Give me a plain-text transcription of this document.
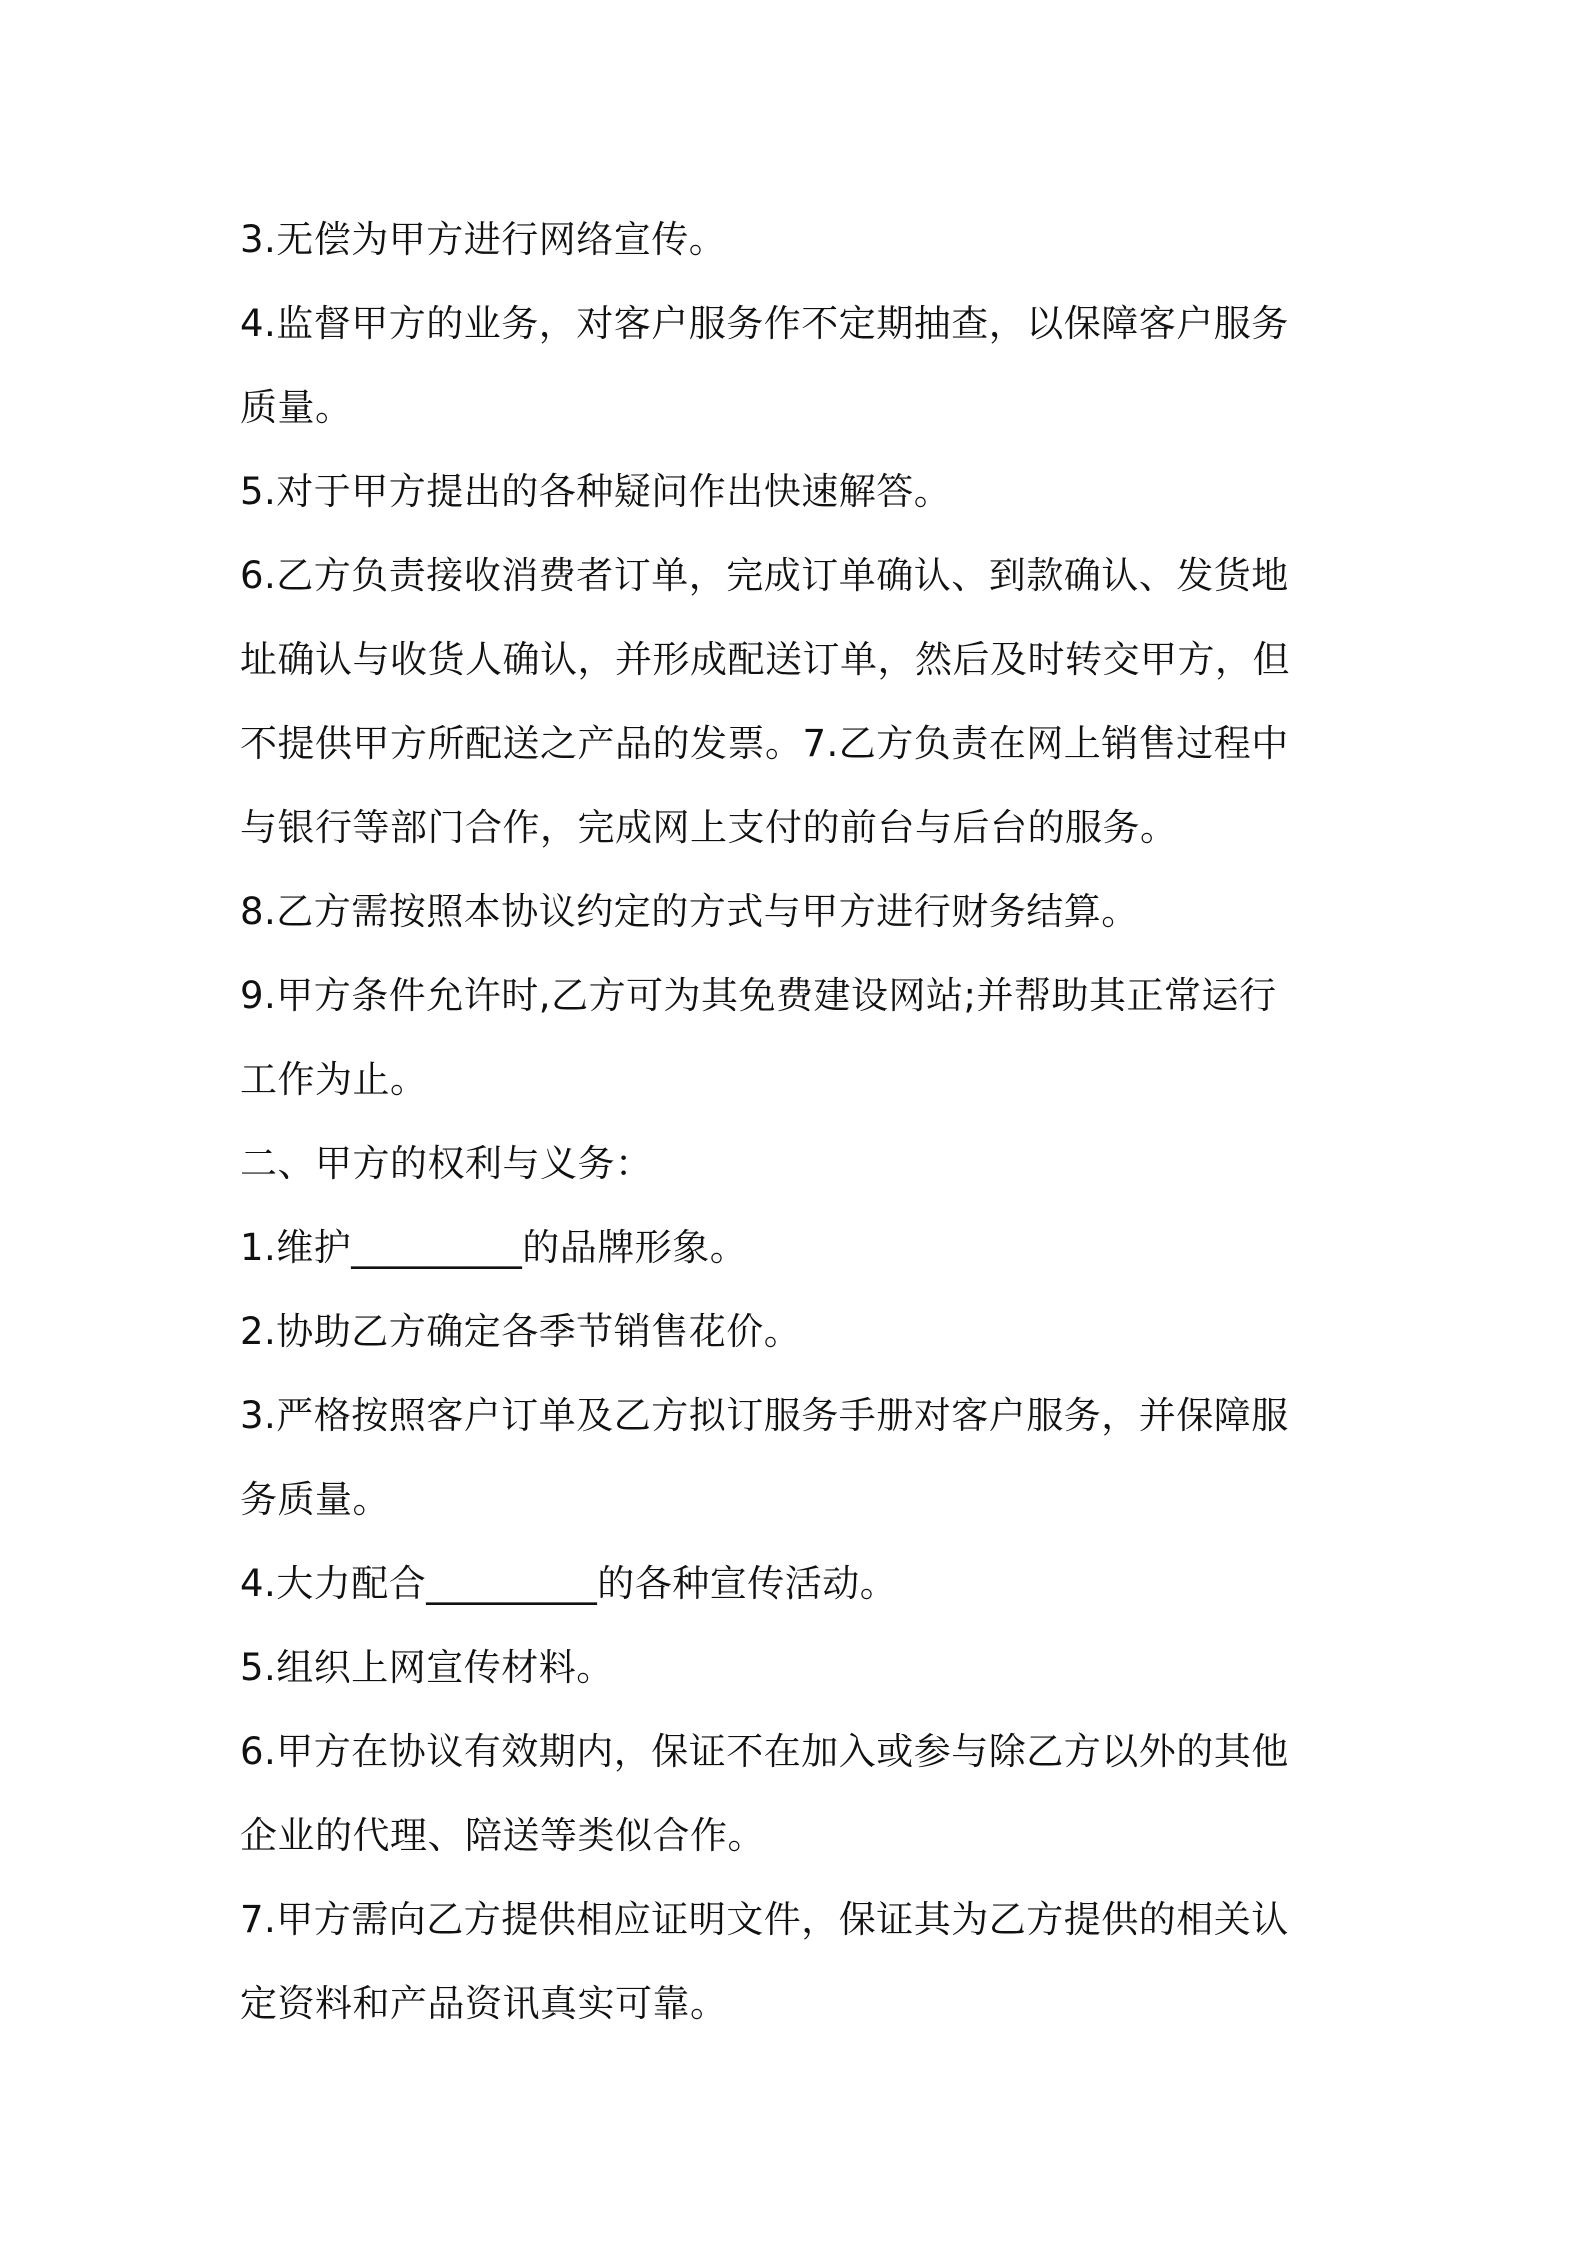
3.无偿为甲方进行网络宣传。

4.监督甲方的业务，对客户服务作不定期抽查，以保障客户服务
质量。

5.对于甲方提出的各种疑问作出快速解答。

6.乙方负责接收消费者订单，完成订单确认、到款确认、发货地
址确认与收货人确认，并形成配送订单，然后及时转交甲方，但
不提供甲方所配送之产品的发票。7.乙方负责在网上销售过程中
与银行等部门合作，完成网上支付的前台与后台的服务。

8.乙方需按照本协议约定的方式与甲方进行财务结算。

9.甲方条件允许时,乙方可为其免费建设网站;并帮助其正常运行
工作为止。

二、甲方的权利与义务：

1.维护_________的品牌形象。

2.协助乙方确定各季节销售花价。

3.严格按照客户订单及乙方拟订服务手册对客户服务，并保障服
务质量。

4.大力配合_________的各种宣传活动。

5.组织上网宣传材料。

6.甲方在协议有效期内，保证不在加入或参与除乙方以外的其他
企业的代理、陪送等类似合作。

7.甲方需向乙方提供相应证明文件，保证其为乙方提供的相关认
定资料和产品资讯真实可靠。
